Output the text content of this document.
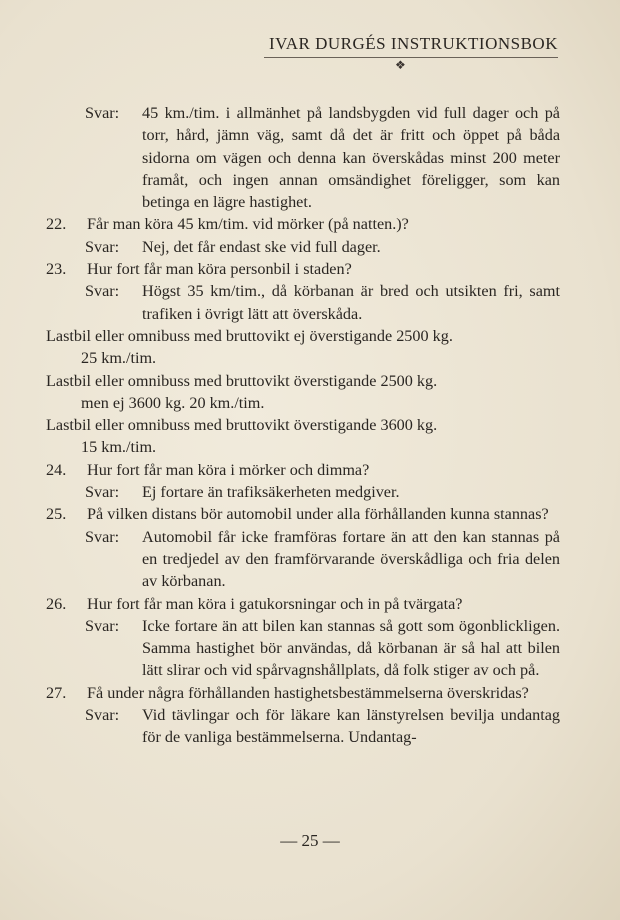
IVAR DURGÉS INSTRUKTIONSBOK
❖
Svar:	45 km./tim. i allmänhet på landsbygden vid full dager och på torr, hård, jämn väg, samt då det är fritt och öppet på båda sidorna om vägen och denna kan överskådas minst 200 meter framåt, och ingen annan omsändighet föreligger, som kan betinga en lägre hastighet.
22.	Får man köra 45 km/tim. vid mörker (på natten.)?
Svar:	Nej, det får endast ske vid full dager.
23.	Hur fort får man köra personbil i staden?
Svar:	Högst 35 km/tim., då körbanan är bred och utsikten fri, samt trafiken i övrigt lätt att överskåda.
Lastbil eller omnibuss med bruttovikt ej överstigande 2500 kg.
25 km./tim.
Lastbil eller omnibuss med bruttovikt överstigande 2500 kg.
men ej 3600 kg. 20 km./tim.
Lastbil eller omnibuss med bruttovikt överstigande 3600 kg.
15 km./tim.
24.	Hur fort får man köra i mörker och dimma?
Svar:	Ej fortare än trafiksäkerheten medgiver.
25.	På vilken distans bör automobil under alla förhållanden kunna stannas?
Svar:	Automobil får icke framföras fortare än att den kan stannas på en tredjedel av den framförvarande överskådliga och fria delen av körbanan.
26.	Hur fort får man köra i gatukorsningar och in på tvärgata?
Svar:	Icke fortare än att bilen kan stannas så gott som ögonblickligen. Samma hastighet bör användas, då körbanan är så hal att bilen lätt slirar och vid spårvagnshållplats, då folk stiger av och på.
27.	Få under några förhållanden hastighetsbestämmelserna överskridas?
Svar:	Vid tävlingar och för läkare kan länstyrelsen bevilja undantag för de vanliga bestämmelserna. Undantag-
— 25 —
